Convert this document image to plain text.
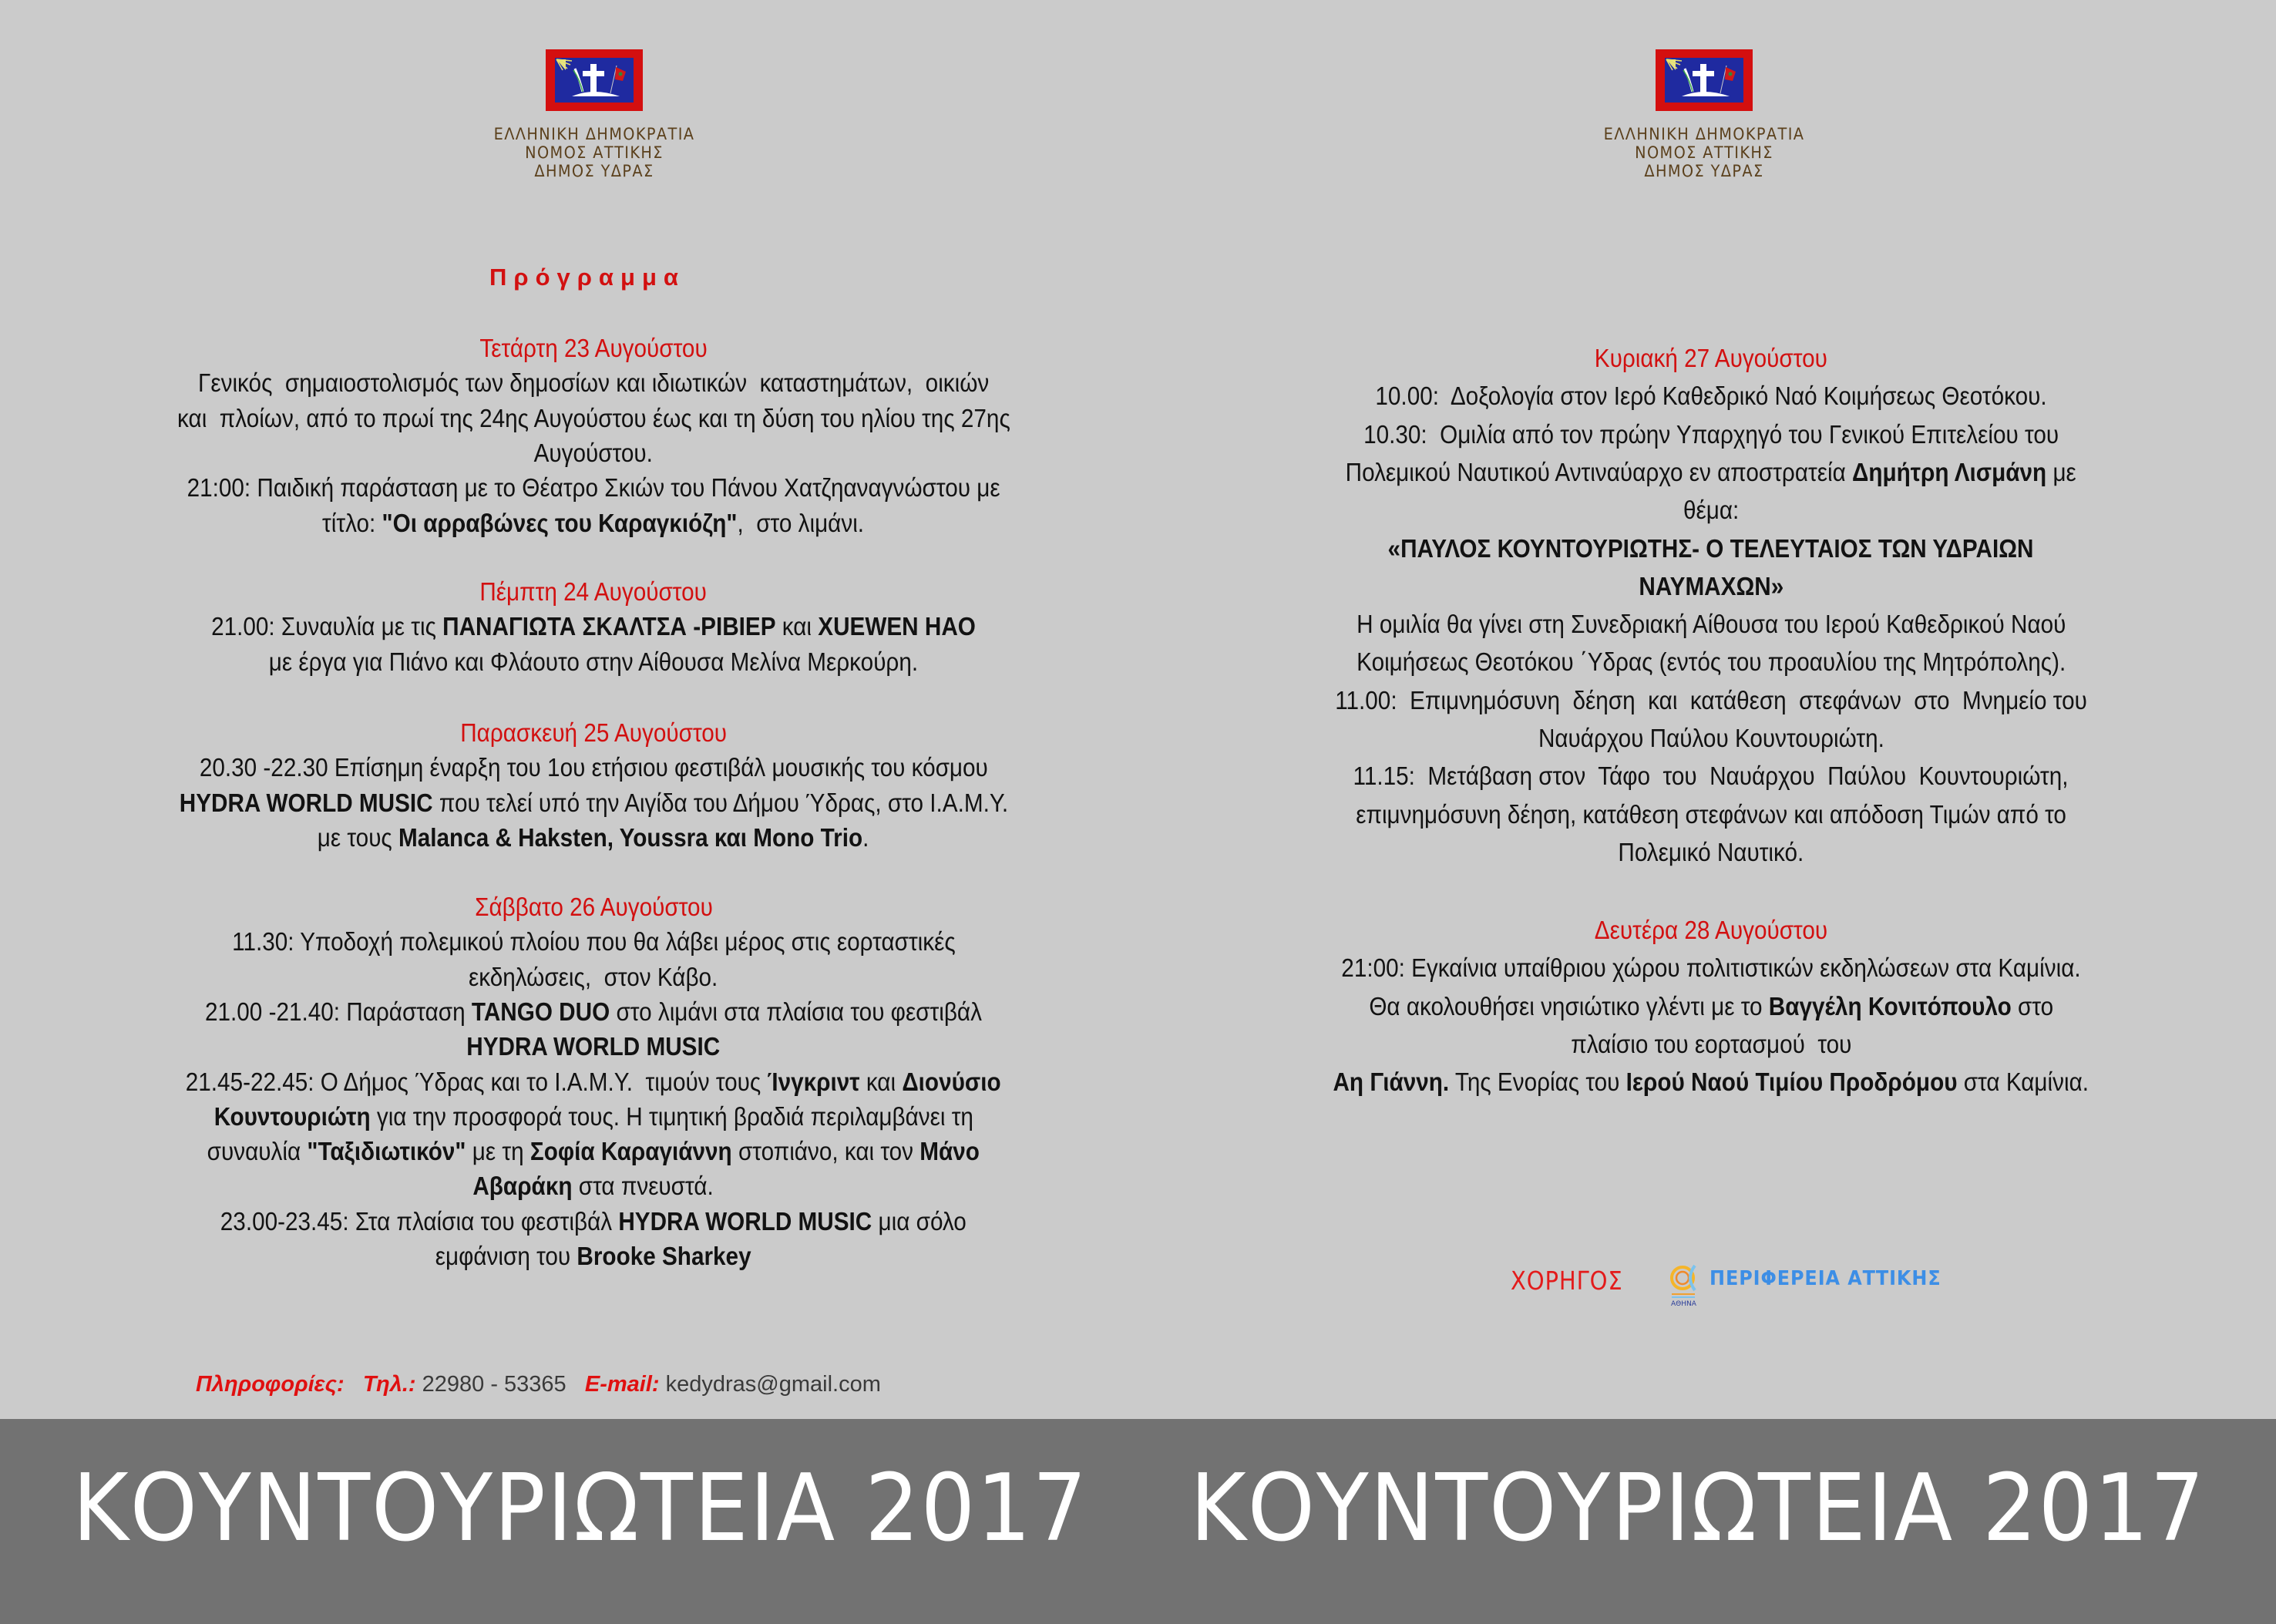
ΕΛΛΗΝΙΚΗ ΔΗΜΟΚΡΑΤΙΑ
ΝΟΜΟΣ ΑΤΤΙΚΗΣ
ΔΗΜΟΣ ΥΔΡΑΣ
Πρόγραμμα
Τετάρτη 23 Αυγούστου
Γενικός  σημαιοστολισμός των δημοσίων και ιδιωτικών  καταστημάτων,  οικιών
και  πλοίων, από το πρωί της 24ης Αυγούστου έως και τη δύση του ηλίου της 27ης
Αυγούστου.
21:00: Παιδική παράσταση με το Θέατρο Σκιών του Πάνου Χατζηαναγνώστου με
τίτλο: "Οι αρραβώνες του Καραγκιόζη",  στο λιμάνι.
Πέμπτη 24 Αυγούστου
21.00: Συναυλία με τις ΠΑΝΑΓΙΩΤΑ ΣΚΑΛΤΣΑ -ΡΙΒΙΕΡ και XUEWEN HAO
με έργα για Πιάνο και Φλάουτο στην Αίθουσα Μελίνα Μερκούρη.
Παρασκευή 25 Αυγούστου
20.30 -22.30 Επίσημη έναρξη του 1ου ετήσιου φεστιβάλ μουσικής του κόσμου
HYDRA WORLD MUSIC που τελεί υπό την Αιγίδα του Δήμου Ύδρας, στο Ι.Α.Μ.Υ.
με τους Malanca & Haksten, Youssra και Mono Trio.
Σάββατο 26 Αυγούστου
11.30: Υποδοχή πολεμικού πλοίου που θα λάβει μέρος στις εορταστικές
εκδηλώσεις,  στον Κάβο.
21.00 -21.40: Παράσταση TANGO DUO στο λιμάνι στα πλαίσια του φεστιβάλ
HYDRA WORLD MUSIC
21.45-22.45: Ο Δήμος Ύδρας και το Ι.Α.Μ.Υ.  τιμούν τους Ίνγκριντ και Διονύσιο
Κουντουριώτη για την προσφορά τους. Η τιμητική βραδιά περιλαμβάνει τη
συναυλία "Ταξιδιωτικόν" με τη Σοφία Καραγιάννη στοπιάνο, και τον Μάνο
Αβαράκη στα πνευστά.
23.00-23.45: Στα πλαίσια του φεστιβάλ HYDRA WORLD MUSIC μια σόλο
εμφάνιση του Brooke Sharkey
Πληροφορίες: Τηλ.: 22980 - 53365 E-mail: kedydras@gmail.com
ΕΛΛΗΝΙΚΗ ΔΗΜΟΚΡΑΤΙΑ
ΝΟΜΟΣ ΑΤΤΙΚΗΣ
ΔΗΜΟΣ ΥΔΡΑΣ
Κυριακή 27 Αυγούστου
10.00:  Δοξολογία στον Ιερό Καθεδρικό Ναό Κοιμήσεως Θεοτόκου.
10.30:  Ομιλία από τον πρώην Υπαρχηγό του Γενικού Επιτελείου του
Πολεμικού Ναυτικού Αντιναύαρχο εν αποστρατεία Δημήτρη Λισμάνη με
θέμα:
«ΠΑΥΛΟΣ ΚΟΥΝΤΟΥΡΙΩΤΗΣ- Ο ΤΕΛΕΥΤΑΙΟΣ ΤΩΝ ΥΔΡΑΙΩΝ
ΝΑΥΜΑΧΩΝ»
Η ομιλία θα γίνει στη Συνεδριακή Αίθουσα του Ιερού Καθεδρικού Ναού
Κοιμήσεως Θεοτόκου ΄Υδρας (εντός του προαυλίου της Μητρόπολης).
11.00:  Επιμνημόσυνη  δέηση  και  κατάθεση  στεφάνων  στο  Μνημείο του
Ναυάρχου Παύλου Κουντουριώτη.
11.15:  Μετάβαση στον  Τάφο  του  Ναυάρχου  Παύλου  Κουντουριώτη,
επιμνημόσυνη δέηση, κατάθεση στεφάνων και απόδοση Τιμών από το
Πολεμικό Ναυτικό.
Δευτέρα 28 Αυγούστου
21:00: Εγκαίνια υπαίθριου χώρου πολιτιστικών εκδηλώσεων στα Καμίνια.
Θα ακολουθήσει νησιώτικο γλέντι με το Βαγγέλη Κονιτόπουλο στο
πλαίσιο του εορτασμού  του
Αη Γιάννη. Της Ενορίας του Ιερού Ναού Τιμίου Προδρόμου στα Καμίνια.
ΧΟΡΗΓΟΣ
ΑΘΗΝΑ
ΠΕΡΙΦΕΡΕΙΑ ΑΤΤΙΚΗΣ
ΚΟΥΝΤΟΥΡΙΩΤΕΙΑ 2017 ΚΟΥΝΤΟΥΡΙΩΤΕΙΑ 2017
